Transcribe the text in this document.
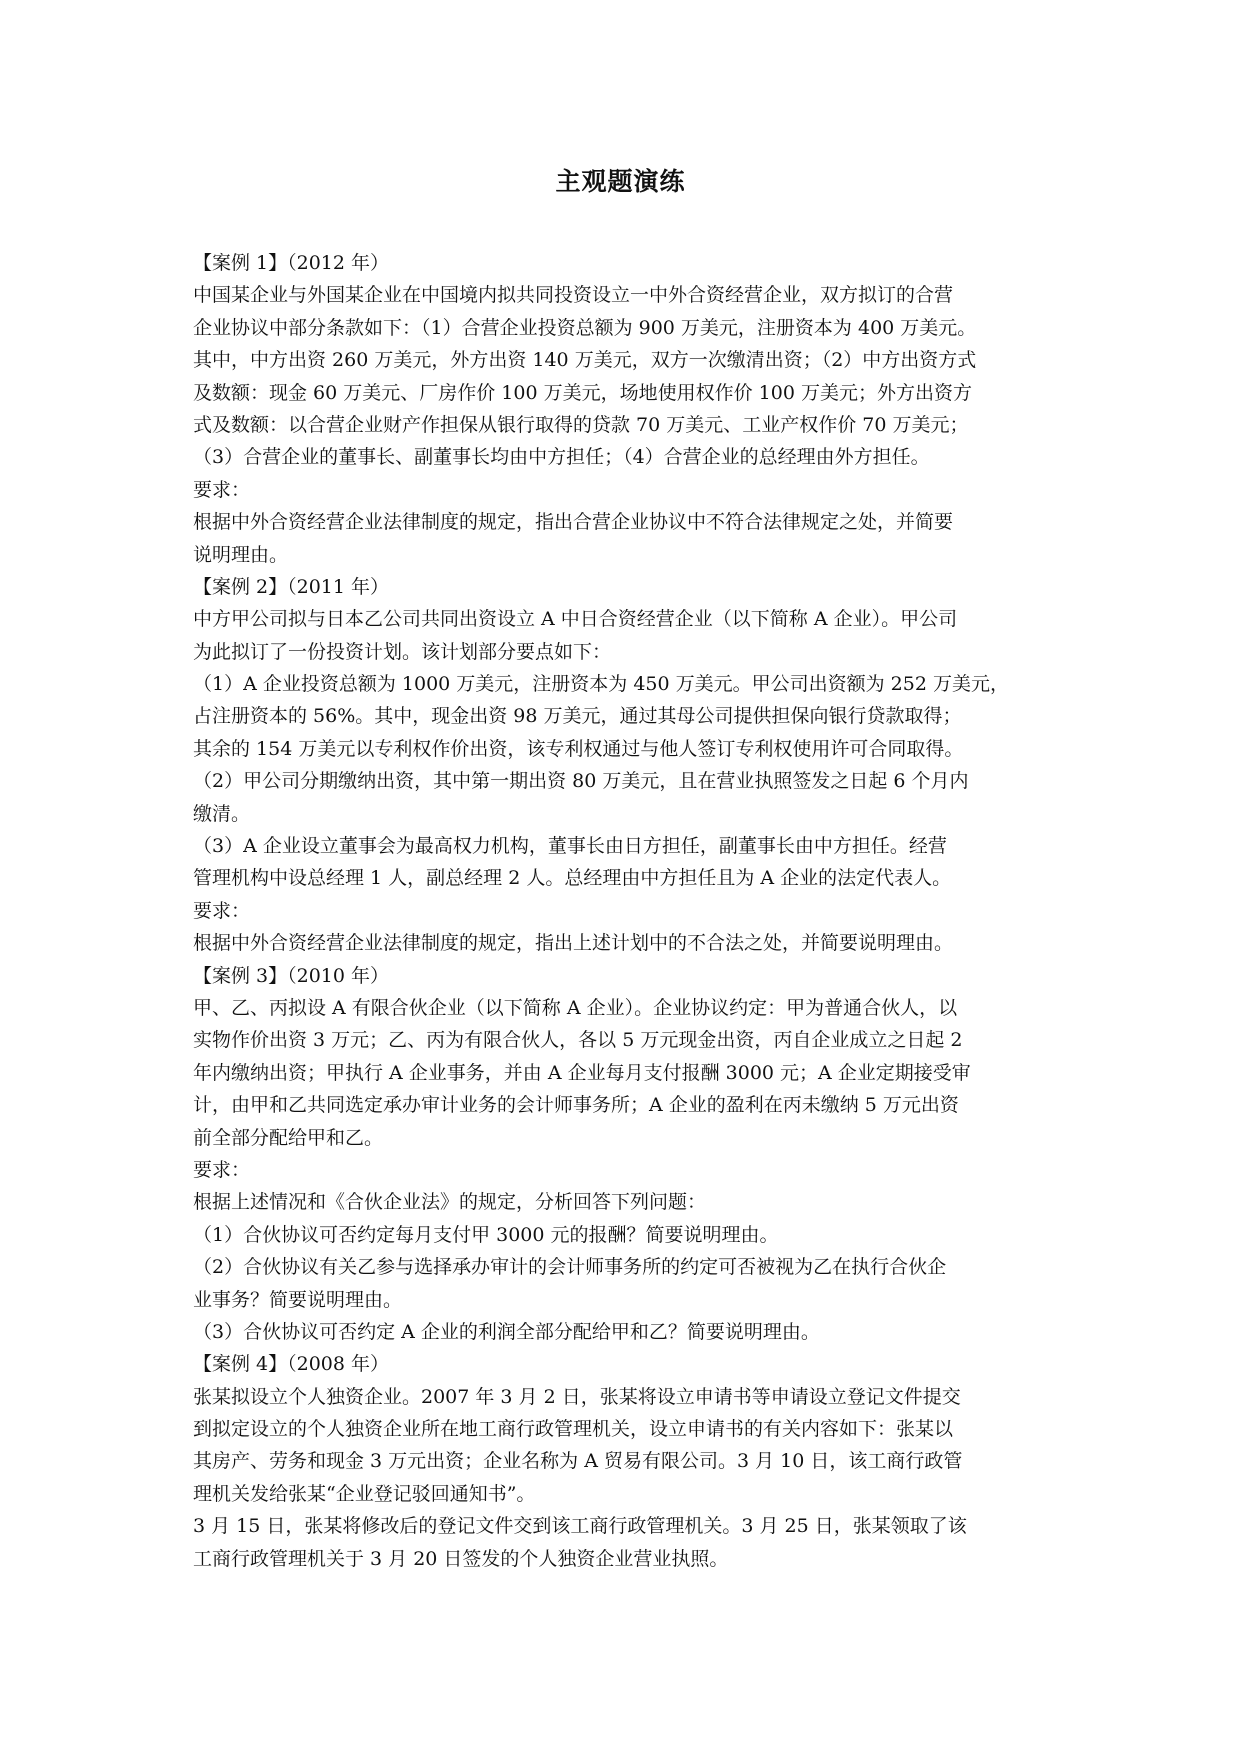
主观题演练
【案例 1】（2012 年）
中国某企业与外国某企业在中国境内拟共同投资设立一中外合资经营企业，双方拟订的合营
企业协议中部分条款如下：（1）合营企业投资总额为 900 万美元，注册资本为 400 万美元。
其中，中方出资 260 万美元，外方出资 140 万美元，双方一次缴清出资；（2）中方出资方式
及数额：现金 60 万美元、厂房作价 100 万美元，场地使用权作价 100 万美元；外方出资方
式及数额：以合营企业财产作担保从银行取得的贷款 70 万美元、工业产权作价 70 万美元；
（3）合营企业的董事长、副董事长均由中方担任；（4）合营企业的总经理由外方担任。
要求：
根据中外合资经营企业法律制度的规定，指出合营企业协议中不符合法律规定之处，并简要
说明理由。
【案例 2】（2011 年）
中方甲公司拟与日本乙公司共同出资设立 A 中日合资经营企业（以下简称 A 企业）。甲公司
为此拟订了一份投资计划。该计划部分要点如下：
（1）A 企业投资总额为 1000 万美元，注册资本为 450 万美元。甲公司出资额为 252 万美元，
占注册资本的 56%。其中，现金出资 98 万美元，通过其母公司提供担保向银行贷款取得；
其余的 154 万美元以专利权作价出资，该专利权通过与他人签订专利权使用许可合同取得。
（2）甲公司分期缴纳出资，其中第一期出资 80 万美元，且在营业执照签发之日起 6 个月内
缴清。
（3）A 企业设立董事会为最高权力机构，董事长由日方担任，副董事长由中方担任。经营
管理机构中设总经理 1 人，副总经理 2 人。总经理由中方担任且为 A 企业的法定代表人。
要求：
根据中外合资经营企业法律制度的规定，指出上述计划中的不合法之处，并简要说明理由。
【案例 3】（2010 年）
甲、乙、丙拟设 A 有限合伙企业（以下简称 A 企业）。企业协议约定：甲为普通合伙人，以
实物作价出资 3 万元；乙、丙为有限合伙人，各以 5 万元现金出资，丙自企业成立之日起 2
年内缴纳出资；甲执行 A 企业事务，并由 A 企业每月支付报酬 3000 元；A 企业定期接受审
计，由甲和乙共同选定承办审计业务的会计师事务所；A 企业的盈利在丙未缴纳 5 万元出资
前全部分配给甲和乙。
要求：
根据上述情况和《合伙企业法》的规定，分析回答下列问题：
（1）合伙协议可否约定每月支付甲 3000 元的报酬？简要说明理由。
（2）合伙协议有关乙参与选择承办审计的会计师事务所的约定可否被视为乙在执行合伙企
业事务？简要说明理由。
（3）合伙协议可否约定 A 企业的利润全部分配给甲和乙？简要说明理由。
【案例 4】（2008 年）
张某拟设立个人独资企业。2007 年 3 月 2 日，张某将设立申请书等申请设立登记文件提交
到拟定设立的个人独资企业所在地工商行政管理机关，设立申请书的有关内容如下：张某以
其房产、劳务和现金 3 万元出资；企业名称为 A 贸易有限公司。3 月 10 日，该工商行政管
理机关发给张某“企业登记驳回通知书”。
3 月 15 日，张某将修改后的登记文件交到该工商行政管理机关。3 月 25 日，张某领取了该
工商行政管理机关于 3 月 20 日签发的个人独资企业营业执照。
